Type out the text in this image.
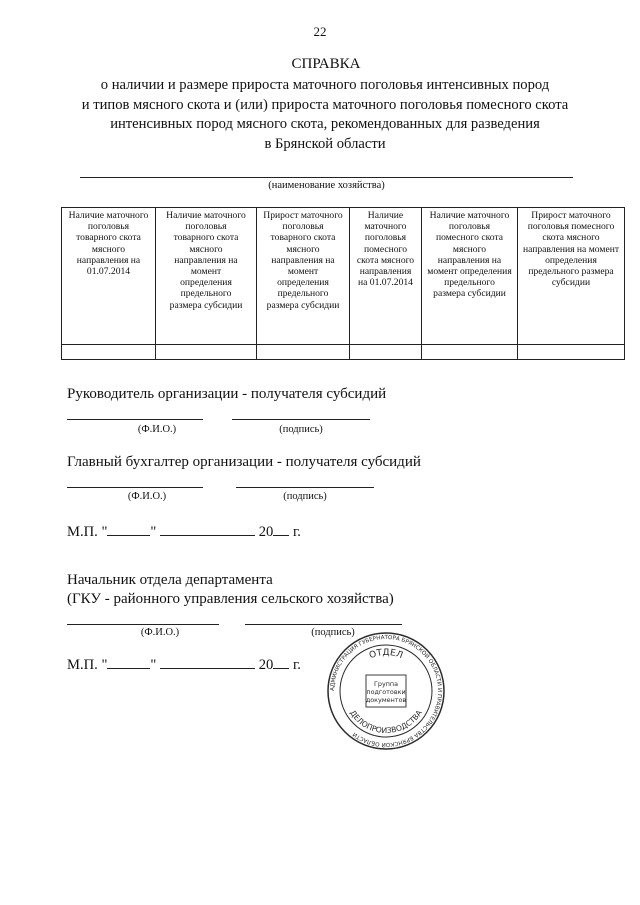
22
СПРАВКА
о наличии и размере прироста маточного поголовья интенсивных пород
и типов мясного скота и (или) прироста маточного поголовья помесного скота
интенсивных пород мясного скота, рекомендованных для разведения
в Брянской области
(наименование хозяйства)
Наличие маточного поголовья товарного скота мясного направления на 01.07.2014	Наличие маточного поголовья товарного скота мясного направления на момент определения предельного размера субсидии	Прирост маточного поголовья товарного скота мясного направления на момент определения предельного размера субсидии	Наличие маточного поголовья помесного скота мясного направления на 01.07.2014	Наличие маточного поголовья помесного скота мясного направления на момент определения предельного размера субсидии	Прирост маточного поголовья помесного скота мясного направления на момент определения предельного размера субсидии

Руководитель организации - получателя субсидий
(Ф.И.О.)	(подпись)
Главный бухгалтер организации - получателя субсидий
(Ф.И.О.)	(подпись)
М.П. "	"	20 г.
Начальник отдела департамента
(ГКУ - районного управления сельского хозяйства)
(Ф.И.О.)	(подпись)
М.П. "	"	20 г.
АДМИНИСТРАЦИЯ ГУБЕРНАТОРА БРЯНСКОЙ ОБЛАСТИ И ПРАВИТЕЛЬСТВА БРЯНСКОЙ ОБЛАСТИ
ОТДЕЛ
ДЕЛОПРОИЗВОДСТВА
Группа
подготовки
документов
